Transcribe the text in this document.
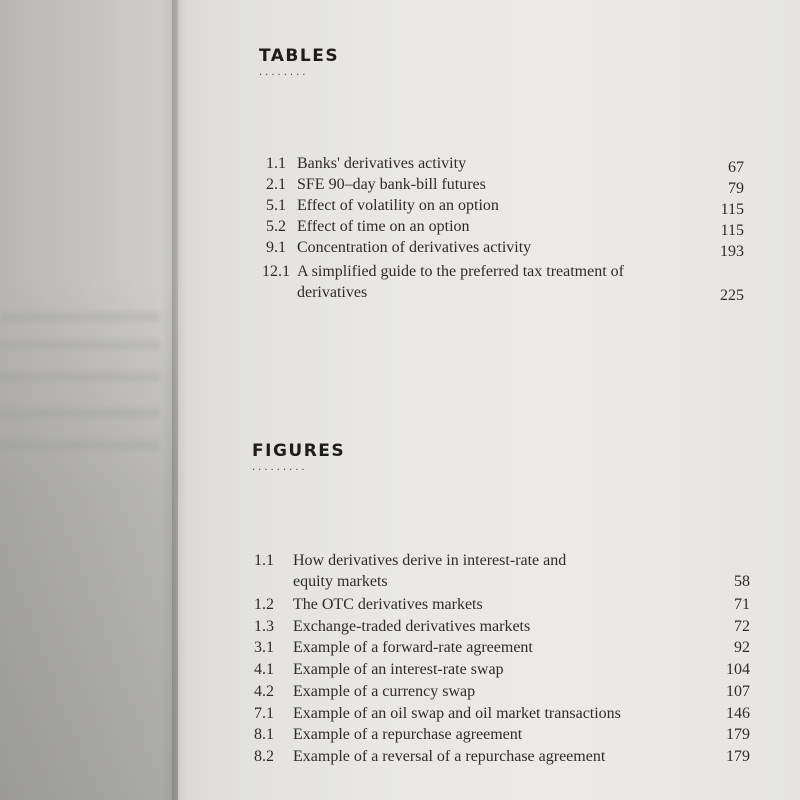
TABLES
........
1.1 Banks' derivatives activity	67
2.1 SFE 90–day bank-bill futures	79
5.1 Effect of volatility on an option	115
5.2 Effect of time on an option	115
9.1 Concentration of derivatives activity	193
12.1 A simplified guide to the preferred tax treatment of
derivatives	225
FIGURES
.........
1.1 How derivatives derive in interest-rate and
equity markets	58
1.2 The OTC derivatives markets	71
1.3 Exchange-traded derivatives markets	72
3.1 Example of a forward-rate agreement	92
4.1 Example of an interest-rate swap	104
4.2 Example of a currency swap	107
7.1 Example of an oil swap and oil market transactions	146
8.1 Example of a repurchase agreement	179
8.2 Example of a reversal of a repurchase agreement	179
